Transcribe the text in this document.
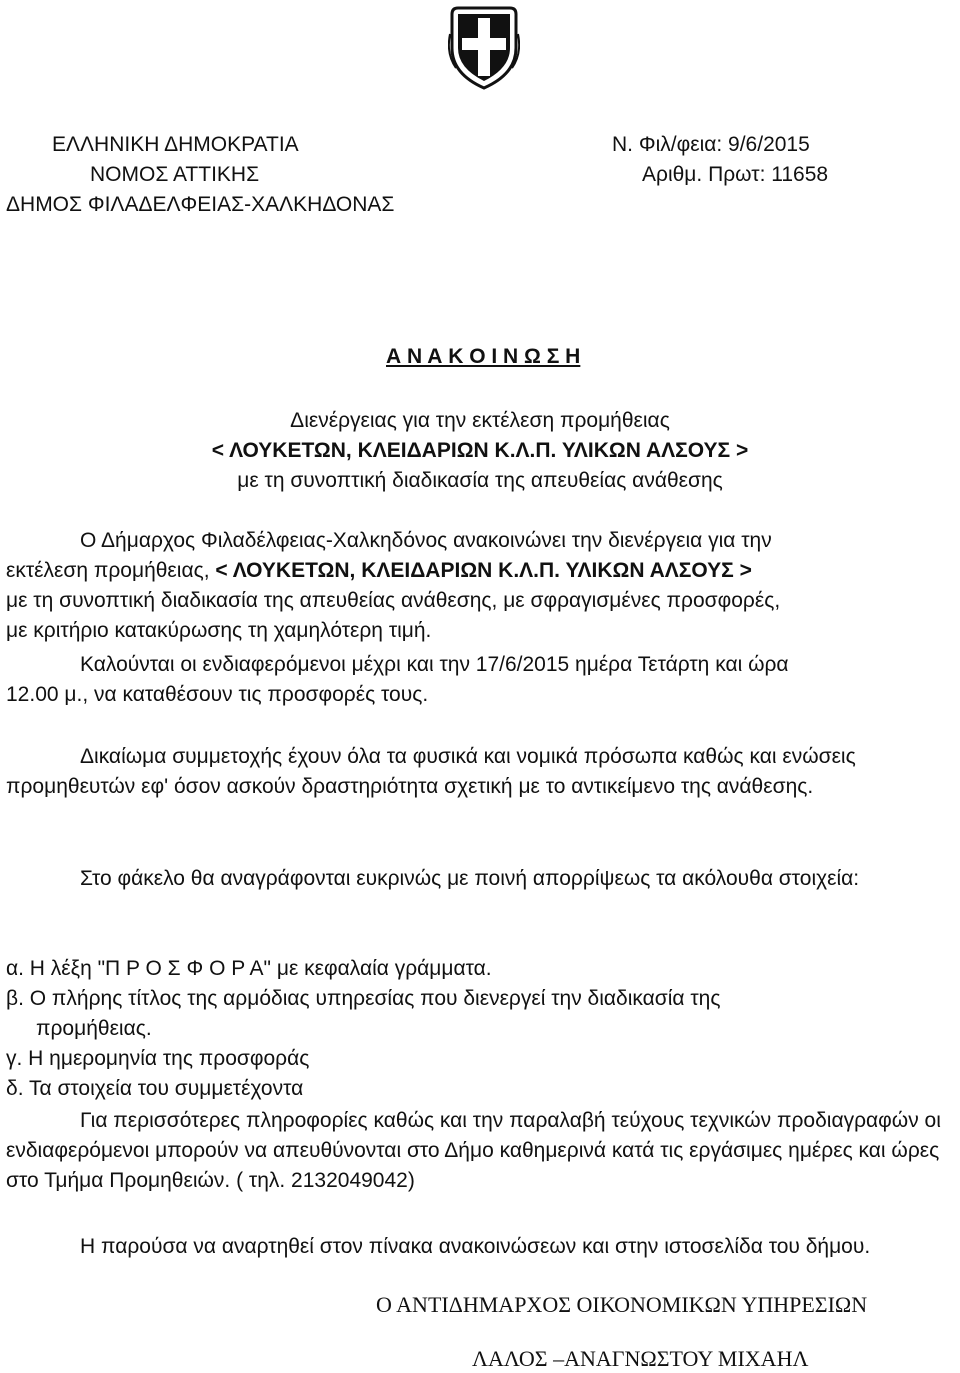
ΕΛΛΗΝΙΚΗ ΔΗΜΟΚΡΑΤΙΑ
ΝΟΜΟΣ ΑΤΤΙΚΗΣ
ΔΗΜΟΣ ΦΙΛΑΔΕΛΦΕΙΑΣ-ΧΑΛΚΗΔΟΝΑΣ
Ν. Φιλ/φεια: 9/6/2015
Αριθμ. Πρωτ: 11658
Α Ν Α Κ Ο Ι Ν Ω Σ Η
Διενέργειας για την εκτέλεση προμήθειας
< ΛΟΥΚΕΤΩΝ, ΚΛΕΙΔΑΡΙΩΝ Κ.Λ.Π. ΥΛΙΚΩΝ ΑΛΣΟΥΣ >
με τη συνοπτική διαδικασία της απευθείας ανάθεσης
Ο Δήμαρχος Φιλαδέλφειας-Χαλκηδόνος ανακοινώνει την διενέργεια για την
εκτέλεση προμήθειας, < ΛΟΥΚΕΤΩΝ, ΚΛΕΙΔΑΡΙΩΝ Κ.Λ.Π. ΥΛΙΚΩΝ ΑΛΣΟΥΣ >
με τη συνοπτική διαδικασία της απευθείας ανάθεσης, με σφραγισμένες προσφορές,
με κριτήριο κατακύρωσης τη χαμηλότερη τιμή.
Καλούνται οι ενδιαφερόμενοι μέχρι και την 17/6/2015 ημέρα Τετάρτη και ώρα
12.00 μ., να καταθέσουν τις προσφορές τους.
Δικαίωμα συμμετοχής έχουν όλα τα φυσικά και νομικά πρόσωπα καθώς και ενώσεις προμηθευτών εφ' όσον ασκούν δραστηριότητα σχετική με το αντικείμενο της ανάθεσης.
Στο φάκελο θα αναγράφονται ευκρινώς με ποινή απορρίψεως τα ακόλουθα στοιχεία:
α. Η λέξη "Π Ρ Ο Σ Φ Ο Ρ Α" με κεφαλαία γράμματα.
β. Ο πλήρης τίτλος της αρμόδιας υπηρεσίας που διενεργεί την διαδικασία της
προμήθειας.
γ. Η ημερομηνία της προσφοράς
δ. Τα στοιχεία του συμμετέχοντα
Για περισσότερες πληροφορίες καθώς και την παραλαβή τεύχους τεχνικών προδιαγραφών οι ενδιαφερόμενοι μπορούν να απευθύνονται στο Δήμο καθημερινά κατά τις εργάσιμες ημέρες και ώρες στο Τμήμα Προμηθειών. ( τηλ. 2132049042)
Η παρούσα να αναρτηθεί στον πίνακα ανακοινώσεων και στην ιστοσελίδα του δήμου.
Ο ΑΝΤΙΔΗΜΑΡΧΟΣ ΟΙΚΟΝΟΜΙΚΩΝ ΥΠΗΡΕΣΙΩΝ
ΛΑΛΟΣ –ΑΝΑΓΝΩΣΤΟΥ ΜΙΧΑΗΛ
